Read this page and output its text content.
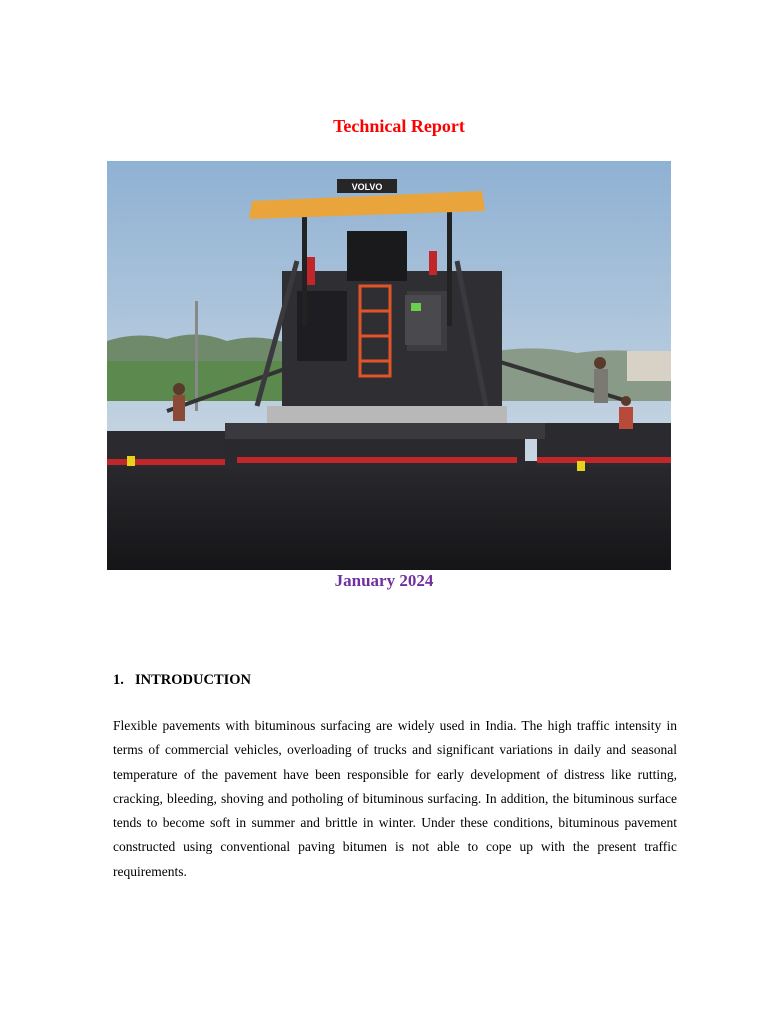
Technical Report
VOLVO
January 2024
1. INTRODUCTION

Flexible pavements with bituminous surfacing are widely used in India. The high traffic intensity in terms of commercial vehicles, overloading of trucks and significant variations in daily and seasonal temperature of the pavement have been responsible for early development of distress like rutting, cracking, bleeding, shoving and potholing of bituminous surfacing. In addition, the bituminous surface tends to become soft in summer and brittle in winter. Under these conditions, bituminous pavement constructed using conventional paving bitumen is not able to cope up with the present traffic requirements.
